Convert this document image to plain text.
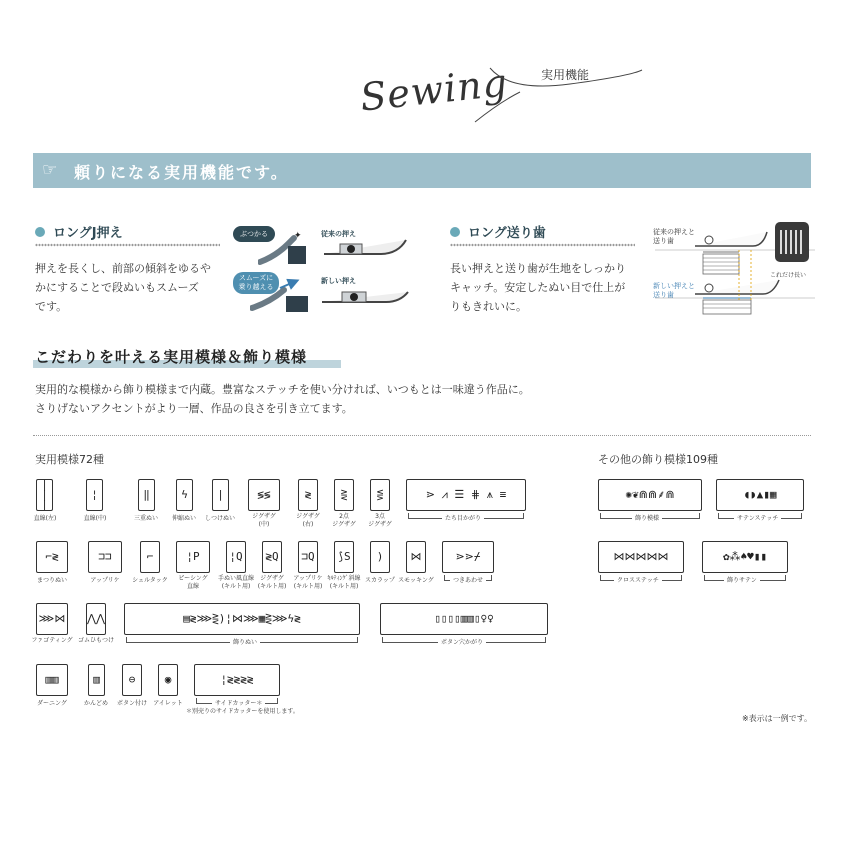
Sewing	実用機能
☞ 頼りになる実用機能です。
ロングJ押え
押えを長くし、前部の傾斜をゆるや
かにすることで段ぬいもスムーズ
です。
ぶつかる	✦
スムーズに
乗り越える
従来の押え
新しい押え
ロング送り歯
長い押えと送り歯が生地をしっかり
キャッチ。安定したぬい目で仕上が
りもきれいに。
従来の押えと
送り歯
新しい押えと
送り歯
これだけ長い
こだわりを叶える実用模様＆飾り模様
実用的な模様から飾り模様まで内蔵。豊富なステッチを使い分ければ、いつもとは一味違う作品に。
さりげないアクセントがより一層、作品の良さを引き立てます。
実用模様72種	その他の飾り模様109種
|
|
|
直線(左)
¦
直線(中)
‖
三重ぬい
ϟ
伸縮ぬい
|
しつけぬい
≶≶
ジグザグ
(中)
≷
ジグザグ
(右)
⋛
2点
ジグザグ
⋚
3点
ジグザグ
⋗ ⩘ ☰ ⋕ ⩚ ≡
たち目かがり
⌐≷
まつりぬい
⊐⊐
アップリケ
⌐
シェルタック
¦P
ピーシング
直線
¦Q
手ぬい風直線
(キルト用)
≷Q
ジグザグ
(キルト用)
⊐Q
アップリケ
(キルト用)
⟆S
ｷﾙﾃｨﾝｸﾞ斜線
(キルト用)
)
スカラップ
⋈
スモッキング
⋗⋗⌿
つきあわせ
⋙⋈
ファゴティング
⋀⋀
ゴムひもつけ
▤≷⋙⋛)¦⋈⋙▦⋛⋙ϟ≷
飾りぬい
▯▯▯▯▥▥▯♀♀
ボタン穴かがり
▥▥
ダーニング
▥
かんどめ
⊖
ボタン付け
◉
アイレット
¦≷≷≷≷
サイドカッター＊
＊別売りのサイドカッターを使用します。
✺❦⋒⋒⸙⋒
飾り模様
◖◗▲▮▦
サテンステッチ
⋈⋈⋈⋈⋈
クロスステッチ
✿⁂♠♥▮▮
飾りサテン
※表示は一例です。
